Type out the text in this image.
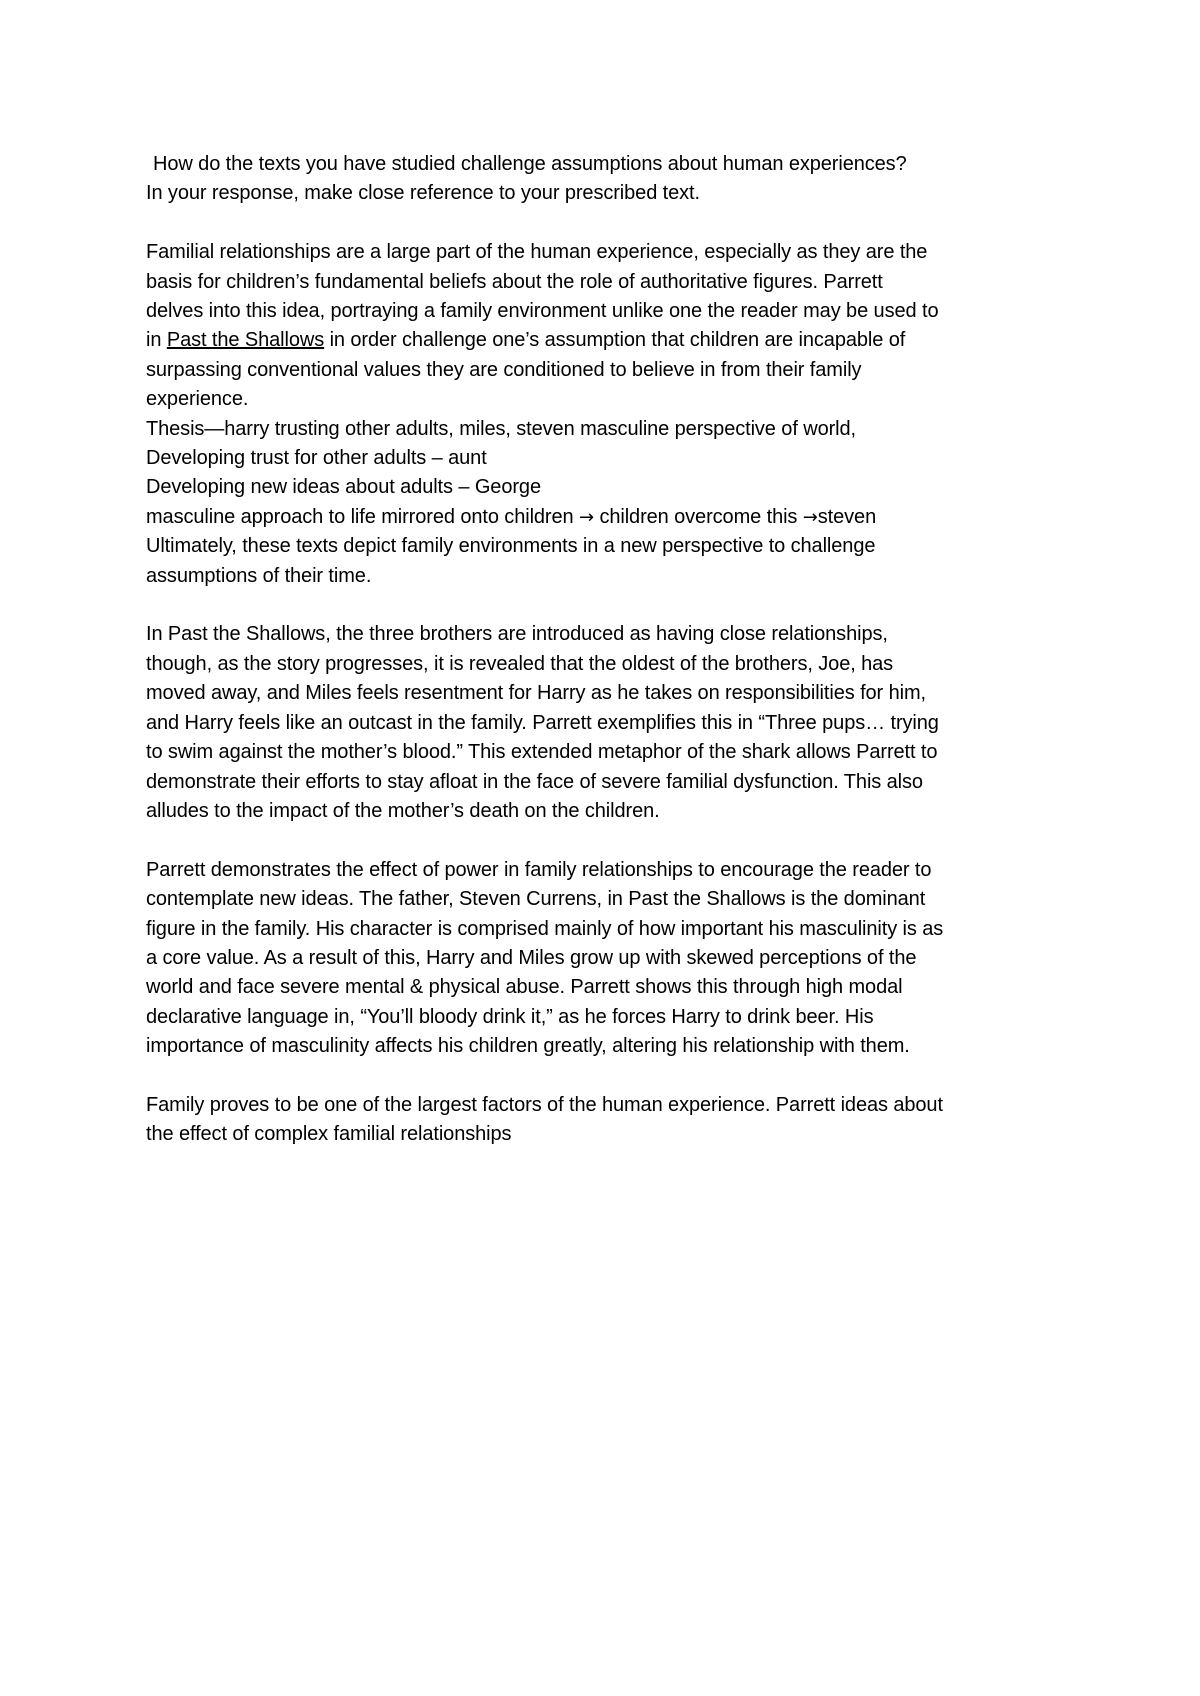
How do the texts you have studied challenge assumptions about human experiences?
In your response, make close reference to your prescribed text.
Familial relationships are a large part of the human experience, especially as they are the
basis for children’s fundamental beliefs about the role of authoritative figures. Parrett
delves into this idea, portraying a family environment unlike one the reader may be used to
in Past the Shallows in order challenge one’s assumption that children are incapable of
surpassing conventional values they are conditioned to believe in from their family
experience.
Thesis—harry trusting other adults, miles, steven masculine perspective of world,
Developing trust for other adults – aunt
Developing new ideas about adults – George
masculine approach to life mirrored onto children → children overcome this →steven
Ultimately, these texts depict family environments in a new perspective to challenge
assumptions of their time.
In Past the Shallows, the three brothers are introduced as having close relationships,
though, as the story progresses, it is revealed that the oldest of the brothers, Joe, has
moved away, and Miles feels resentment for Harry as he takes on responsibilities for him,
and Harry feels like an outcast in the family. Parrett exemplifies this in “Three pups… trying
to swim against the mother’s blood.” This extended metaphor of the shark allows Parrett to
demonstrate their efforts to stay afloat in the face of severe familial dysfunction. This also
alludes to the impact of the mother’s death on the children.
Parrett demonstrates the effect of power in family relationships to encourage the reader to
contemplate new ideas. The father, Steven Currens, in Past the Shallows is the dominant
figure in the family. His character is comprised mainly of how important his masculinity is as
a core value. As a result of this, Harry and Miles grow up with skewed perceptions of the
world and face severe mental & physical abuse. Parrett shows this through high modal
declarative language in, “You’ll bloody drink it,” as he forces Harry to drink beer. His
importance of masculinity affects his children greatly, altering his relationship with them.
Family proves to be one of the largest factors of the human experience. Parrett ideas about
the effect of complex familial relationships
